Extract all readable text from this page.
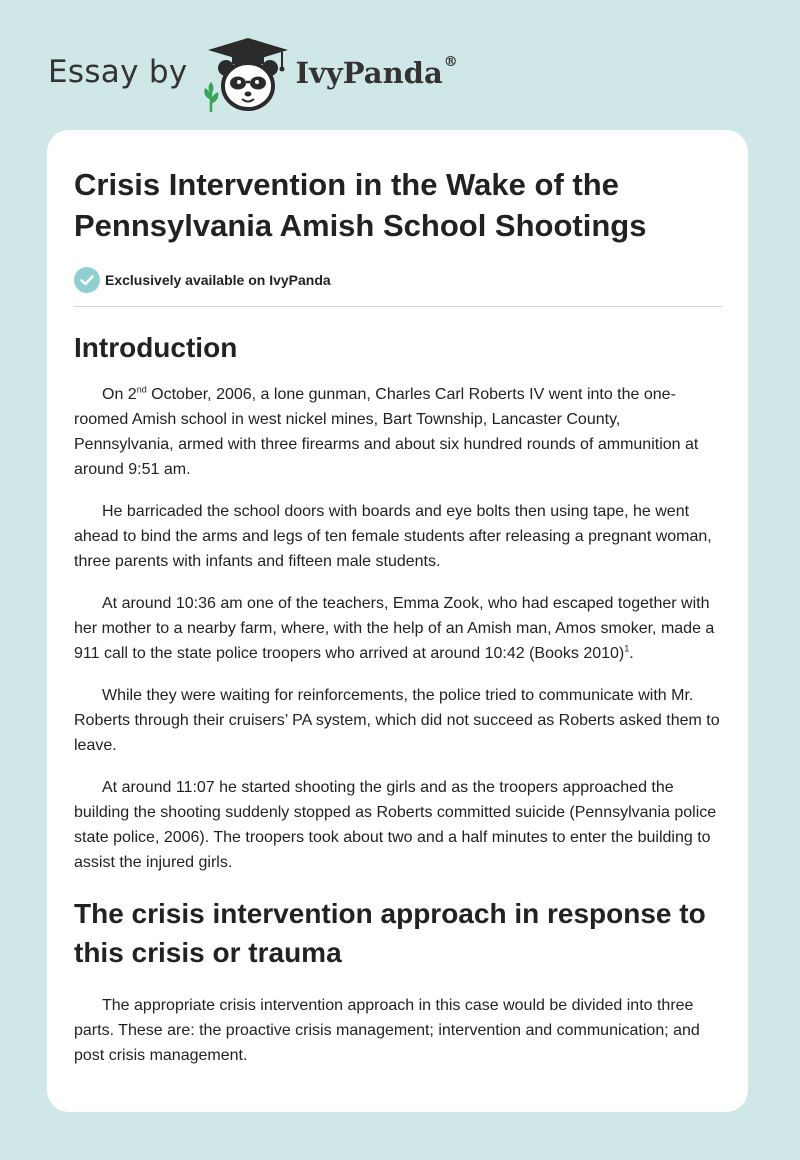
Essay by	IvyPanda®
Crisis Intervention in the Wake of the Pennsylvania Amish School Shootings
Exclusively available on IvyPanda
Introduction

On 2nd October, 2006, a lone gunman, Charles Carl Roberts IV went into the one-roomed Amish school in west nickel mines, Bart Township, Lancaster County, Pennsylvania, armed with three firearms and about six hundred rounds of ammunition at around 9:51 am.

He barricaded the school doors with boards and eye bolts then using tape, he went ahead to bind the arms and legs of ten female students after releasing a pregnant woman, three parents with infants and fifteen male students.

At around 10:36 am one of the teachers, Emma Zook, who had escaped together with her mother to a nearby farm, where, with the help of an Amish man, Amos smoker, made a 911 call to the state police troopers who arrived at around 10:42 (Books 2010)$^1$.

While they were waiting for reinforcements, the police tried to communicate with Mr. Roberts through their cruisers’ PA system, which did not succeed as Roberts asked them to leave.

At around 11:07 he started shooting the girls and as the troopers approached the building the shooting suddenly stopped as Roberts committed suicide (Pennsylvania police state police, 2006). The troopers took about two and a half minutes to enter the building to assist the injured girls.

The crisis intervention approach in response to this crisis or trauma

The appropriate crisis intervention approach in this case would be divided into three parts. These are: the proactive crisis management; intervention and communication; and post crisis management.
